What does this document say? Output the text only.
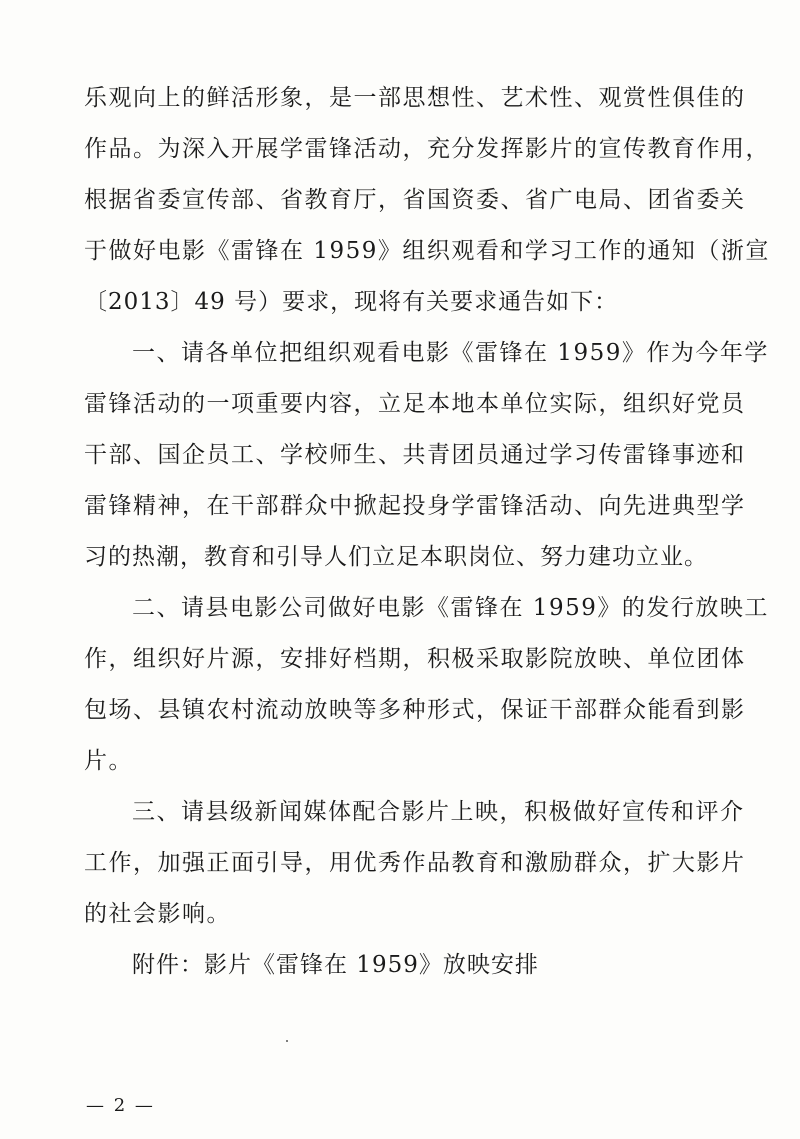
乐观向上的鲜活形象，是一部思想性、艺术性、观赏性俱佳的
作品。为深入开展学雷锋活动，充分发挥影片的宣传教育作用，
根据省委宣传部、省教育厅，省国资委、省广电局、团省委关
于做好电影《雷锋在 1959》组织观看和学习工作的通知（浙宣
〔2013〕49 号）要求，现将有关要求通告如下：
一、请各单位把组织观看电影《雷锋在 1959》作为今年学
雷锋活动的一项重要内容，立足本地本单位实际，组织好党员
干部、国企员工、学校师生、共青团员通过学习传雷锋事迹和
雷锋精神，在干部群众中掀起投身学雷锋活动、向先进典型学
习的热潮，教育和引导人们立足本职岗位、努力建功立业。
二、请县电影公司做好电影《雷锋在 1959》的发行放映工
作，组织好片源，安排好档期，积极采取影院放映、单位团体
包场、县镇农村流动放映等多种形式，保证干部群众能看到影
片。
三、请县级新闻媒体配合影片上映，积极做好宣传和评介
工作，加强正面引导，用优秀作品教育和激励群众，扩大影片
的社会影响。
附件：影片《雷锋在 1959》放映安排
— 2 —
